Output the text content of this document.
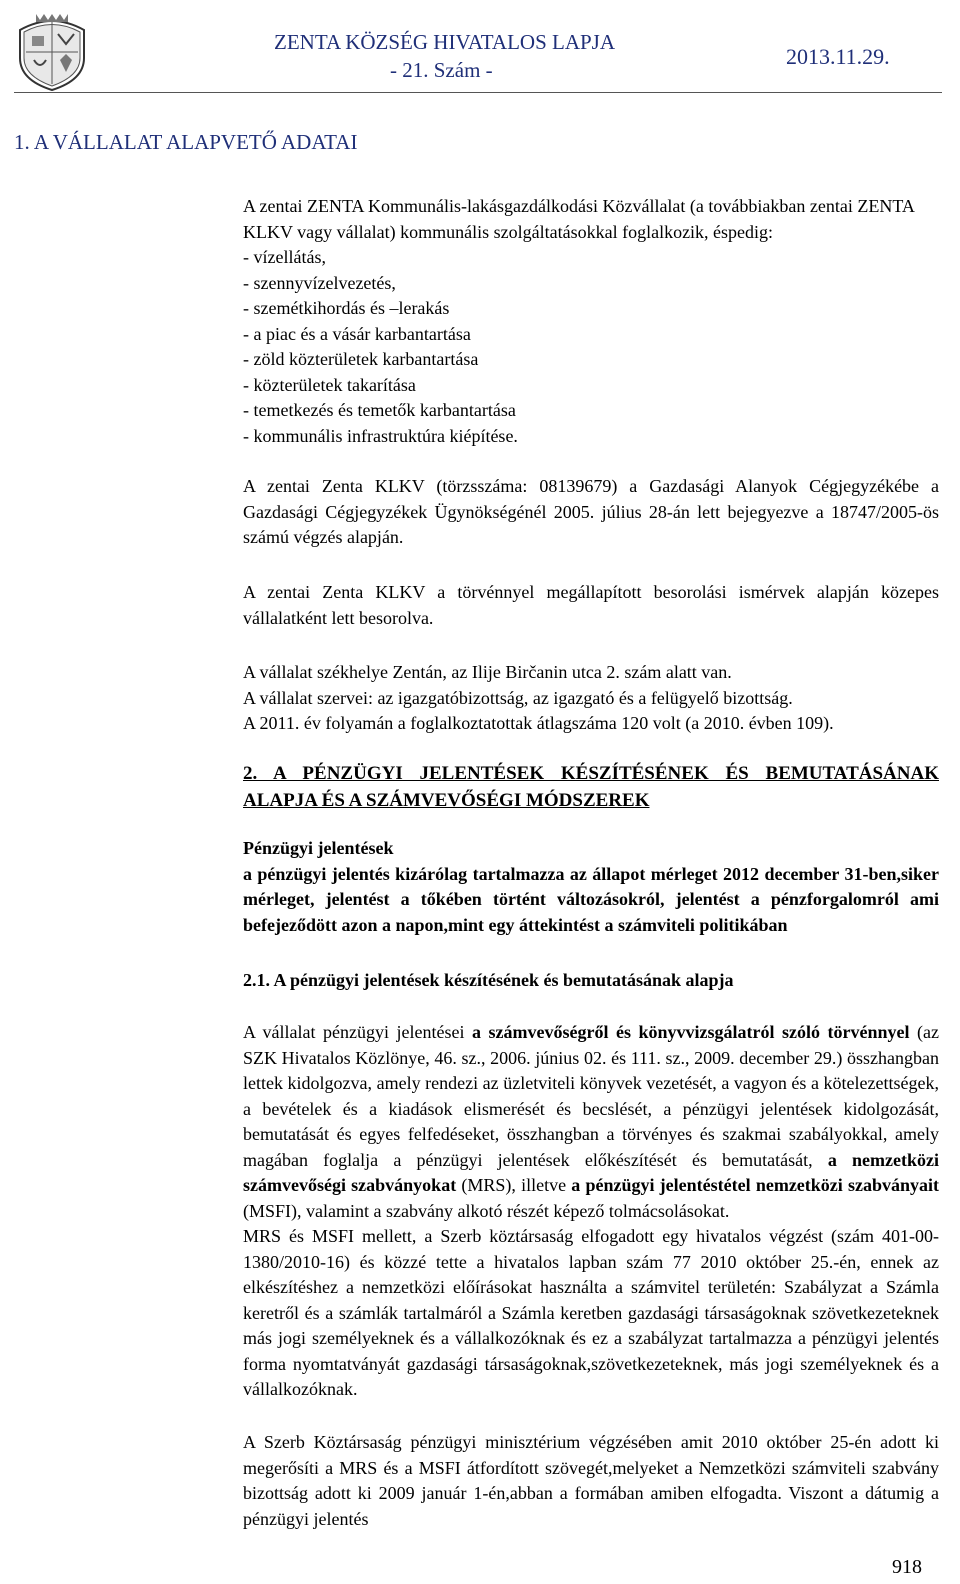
ZENTA KÖZSÉG HIVATALOS LAPJA
- 21. Szám -
2013.11.29.
1. A VÁLLALAT ALAPVETŐ ADATAI

A zentai ZENTA Kommunális-lakásgazdálkodási Közvállalat (a továbbiakban zentai ZENTA KLKV vagy vállalat) kommunális szolgáltatásokkal foglalkozik, éspedig:

- vízellátás,
- szennyvízelvezetés,
- szemétkihordás és –lerakás
- a piac és a vásár karbantartása
- zöld közterületek karbantartása
- közterületek takarítása
- temetkezés és temetők karbantartása
- kommunális infrastruktúra kiépítése.
A zentai Zenta KLKV (törzsszáma: 08139679) a Gazdasági Alanyok Cégjegyzékébe a Gazdasági Cégjegyzékek Ügynökségénél 2005. július 28-án lett bejegyezve a 18747/2005-ös számú végzés alapján.
A zentai Zenta KLKV a törvénnyel megállapított besorolási ismérvek alapján közepes vállalatként lett besorolva.

A vállalat székhelye Zentán, az Ilije Birčanin utca 2. szám alatt van.

A vállalat szervei: az igazgatóbizottság, az igazgató és a felügyelő bizottság.

A 2011. év folyamán a foglalkoztatottak átlagszáma 120 volt (a 2010. évben 109).

2. A PÉNZÜGYI JELENTÉSEK KÉSZÍTÉSÉNEK ÉS BEMUTATÁSÁNAK ALAPJA ÉS A SZÁMVEVŐSÉGI MÓDSZEREK

Pénzügyi jelentések

a pénzügyi jelentés kizárólag tartalmazza az állapot mérleget 2012 december 31-ben,siker mérleget, jelentést a tőkében történt változásokról, jelentést a pénzforgalomról ami befejeződött azon a napon,mint egy áttekintést a számviteli politikában

2.1. A pénzügyi jelentések készítésének és bemutatásának alapja
A vállalat pénzügyi jelentései a számvevőségről és könyvvizsgálatról szóló törvénnyel (az SZK Hivatalos Közlönye, 46. sz., 2006. június 02. és 111. sz., 2009. december 29.) összhangban lettek kidolgozva, amely rendezi az üzletviteli könyvek vezetését, a vagyon és a kötelezettségek, a bevételek és a kiadások elismerését és becslését, a pénzügyi jelentések kidolgozását, bemutatását és egyes felfedéseket, összhangban a törvényes és szakmai szabályokkal, amely magában foglalja a pénzügyi jelentések előkészítését és bemutatását, a nemzetközi számvevőségi szabványokat (MRS), illetve a pénzügyi jelentéstétel nemzetközi szabványait (MSFI), valamint a szabvány alkotó részét képező tolmácsolásokat.
MRS és MSFI mellett, a Szerb köztársaság elfogadott egy hivatalos végzést (szám 401-00-1380/2010-16) és közzé tette a hivatalos lapban szám 77 2010 október 25.-én, ennek az elkészítéshez a nemzetközi előírásokat használta a számvitel területén: Szabályzat a Számla keretről és a számlák tartalmáról a Számla keretben gazdasági társaságoknak szövetkezeteknek más jogi személyeknek és a vállalkozóknak és ez a szabályzat tartalmazza a pénzügyi jelentés forma nyomtatványát gazdasági társaságoknak,szövetkezeteknek, más jogi személyeknek és a vállalkozóknak.
A Szerb Köztársaság pénzügyi minisztérium végzésében amit 2010 október 25-én adott ki megerősíti a MRS és a MSFI átfordított szövegét,melyeket a Nemzetközi számviteli szabvány bizottság adott ki 2009 január 1-én,abban a formában amiben elfogadta. Viszont a dátumig a pénzügyi jelentés
918
